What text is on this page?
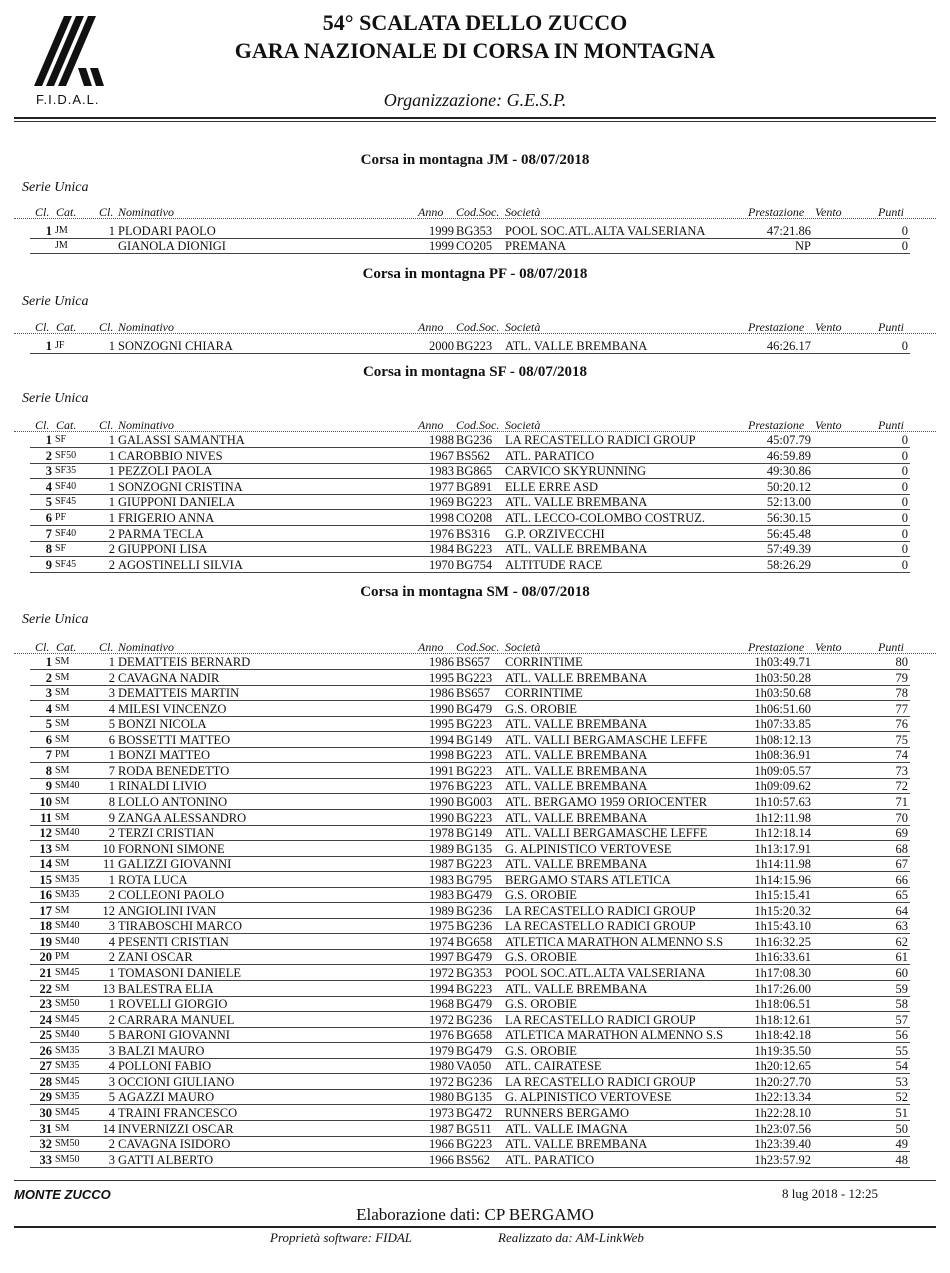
F.I.D.A.L.
54° SCALATA DELLO ZUCCO
GARA NAZIONALE DI CORSA IN MONTAGNA
Organizzazione: G.E.S.P.
Corsa in montagna JM - 08/07/2018
Serie Unica
Cl. Cat. Cl. Nominativo	Anno Cod.Soc. Società	Prestazione Vento	Punti
1 JM	1 PLODARI PAOLO	1999 BG353 POOL SOC.ATL.ALTA VALSERIANA	47:21.86	0
JM	GIANOLA DIONIGI	1999 CO205 PREMANA	NP	0
Corsa in montagna PF - 08/07/2018
Serie Unica
Cl. Cat. Cl. Nominativo	Anno Cod.Soc. Società	Prestazione Vento	Punti
1 JF	1 SONZOGNI CHIARA	2000 BG223 ATL. VALLE BREMBANA	46:26.17	0
Corsa in montagna SF - 08/07/2018
Serie Unica
Cl. Cat. Cl. Nominativo	Anno Cod.Soc. Società	Prestazione Vento	Punti
1 SF	1 GALASSI SAMANTHA	1988 BG236 LA RECASTELLO RADICI GROUP	45:07.79	0
2 SF50	1 CAROBBIO NIVES	1967 BS562 ATL. PARATICO	46:59.89	0
3 SF35	1 PEZZOLI PAOLA	1983 BG865 CARVICO SKYRUNNING	49:30.86	0
4 SF40	1 SONZOGNI CRISTINA	1977 BG891 ELLE ERRE ASD	50:20.12	0
5 SF45	1 GIUPPONI DANIELA	1969 BG223 ATL. VALLE BREMBANA	52:13.00	0
6 PF	1 FRIGERIO ANNA	1998 CO208 ATL. LECCO-COLOMBO COSTRUZ.	56:30.15	0
7 SF40	2 PARMA TECLA	1976 BS316 G.P. ORZIVECCHI	56:45.48	0
8 SF	2 GIUPPONI LISA	1984 BG223 ATL. VALLE BREMBANA	57:49.39	0
9 SF45	2 AGOSTINELLI SILVIA	1970 BG754 ALTITUDE RACE	58:26.29	0
Corsa in montagna SM - 08/07/2018
Serie Unica
Cl. Cat. Cl. Nominativo	Anno Cod.Soc. Società	Prestazione Vento	Punti
1 SM	1 DEMATTEIS BERNARD	1986 BS657 CORRINTIME	1h03:49.71	80
2 SM	2 CAVAGNA NADIR	1995 BG223 ATL. VALLE BREMBANA	1h03:50.28	79
3 SM	3 DEMATTEIS MARTIN	1986 BS657 CORRINTIME	1h03:50.68	78
4 SM	4 MILESI VINCENZO	1990 BG479 G.S. OROBIE	1h06:51.60	77
5 SM	5 BONZI NICOLA	1995 BG223 ATL. VALLE BREMBANA	1h07:33.85	76
6 SM	6 BOSSETTI MATTEO	1994 BG149 ATL. VALLI BERGAMASCHE LEFFE	1h08:12.13	75
7 PM	1 BONZI MATTEO	1998 BG223 ATL. VALLE BREMBANA	1h08:36.91	74
8 SM	7 RODA BENEDETTO	1991 BG223 ATL. VALLE BREMBANA	1h09:05.57	73
9 SM40	1 RINALDI LIVIO	1976 BG223 ATL. VALLE BREMBANA	1h09:09.62	72
10 SM	8 LOLLO ANTONINO	1990 BG003 ATL. BERGAMO 1959 ORIOCENTER	1h10:57.63	71
11 SM	9 ZANGA ALESSANDRO	1990 BG223 ATL. VALLE BREMBANA	1h12:11.98	70
12 SM40	2 TERZI CRISTIAN	1978 BG149 ATL. VALLI BERGAMASCHE LEFFE	1h12:18.14	69
13 SM	10 FORNONI SIMONE	1989 BG135 G. ALPINISTICO VERTOVESE	1h13:17.91	68
14 SM	11 GALIZZI GIOVANNI	1987 BG223 ATL. VALLE BREMBANA	1h14:11.98	67
15 SM35	1 ROTA LUCA	1983 BG795 BERGAMO STARS ATLETICA	1h14:15.96	66
16 SM35	2 COLLEONI PAOLO	1983 BG479 G.S. OROBIE	1h15:15.41	65
17 SM	12 ANGIOLINI IVAN	1989 BG236 LA RECASTELLO RADICI GROUP	1h15:20.32	64
18 SM40	3 TIRABOSCHI MARCO	1975 BG236 LA RECASTELLO RADICI GROUP	1h15:43.10	63
19 SM40	4 PESENTI CRISTIAN	1974 BG658 ATLETICA MARATHON ALMENNO S.S	1h16:32.25	62
20 PM	2 ZANI OSCAR	1997 BG479 G.S. OROBIE	1h16:33.61	61
21 SM45	1 TOMASONI DANIELE	1972 BG353 POOL SOC.ATL.ALTA VALSERIANA	1h17:08.30	60
22 SM	13 BALESTRA ELIA	1994 BG223 ATL. VALLE BREMBANA	1h17:26.00	59
23 SM50	1 ROVELLI GIORGIO	1968 BG479 G.S. OROBIE	1h18:06.51	58
24 SM45	2 CARRARA MANUEL	1972 BG236 LA RECASTELLO RADICI GROUP	1h18:12.61	57
25 SM40	5 BARONI GIOVANNI	1976 BG658 ATLETICA MARATHON ALMENNO S.S	1h18:42.18	56
26 SM35	3 BALZI MAURO	1979 BG479 G.S. OROBIE	1h19:35.50	55
27 SM35	4 POLLONI FABIO	1980 VA050 ATL. CAIRATESE	1h20:12.65	54
28 SM45	3 OCCIONI GIULIANO	1972 BG236 LA RECASTELLO RADICI GROUP	1h20:27.70	53
29 SM35	5 AGAZZI MAURO	1980 BG135 G. ALPINISTICO VERTOVESE	1h22:13.34	52
30 SM45	4 TRAINI FRANCESCO	1973 BG472 RUNNERS BERGAMO	1h22:28.10	51
31 SM	14 INVERNIZZI OSCAR	1987 BG511 ATL. VALLE IMAGNA	1h23:07.56	50
32 SM50	2 CAVAGNA ISIDORO	1966 BG223 ATL. VALLE BREMBANA	1h23:39.40	49
33 SM50	3 GATTI ALBERTO	1966 BS562 ATL. PARATICO	1h23:57.92	48
MONTE ZUCCO	8 lug 2018 - 12:25
Elaborazione dati: CP BERGAMO
Proprietà software: FIDAL	Realizzato da: AM-LinkWeb
